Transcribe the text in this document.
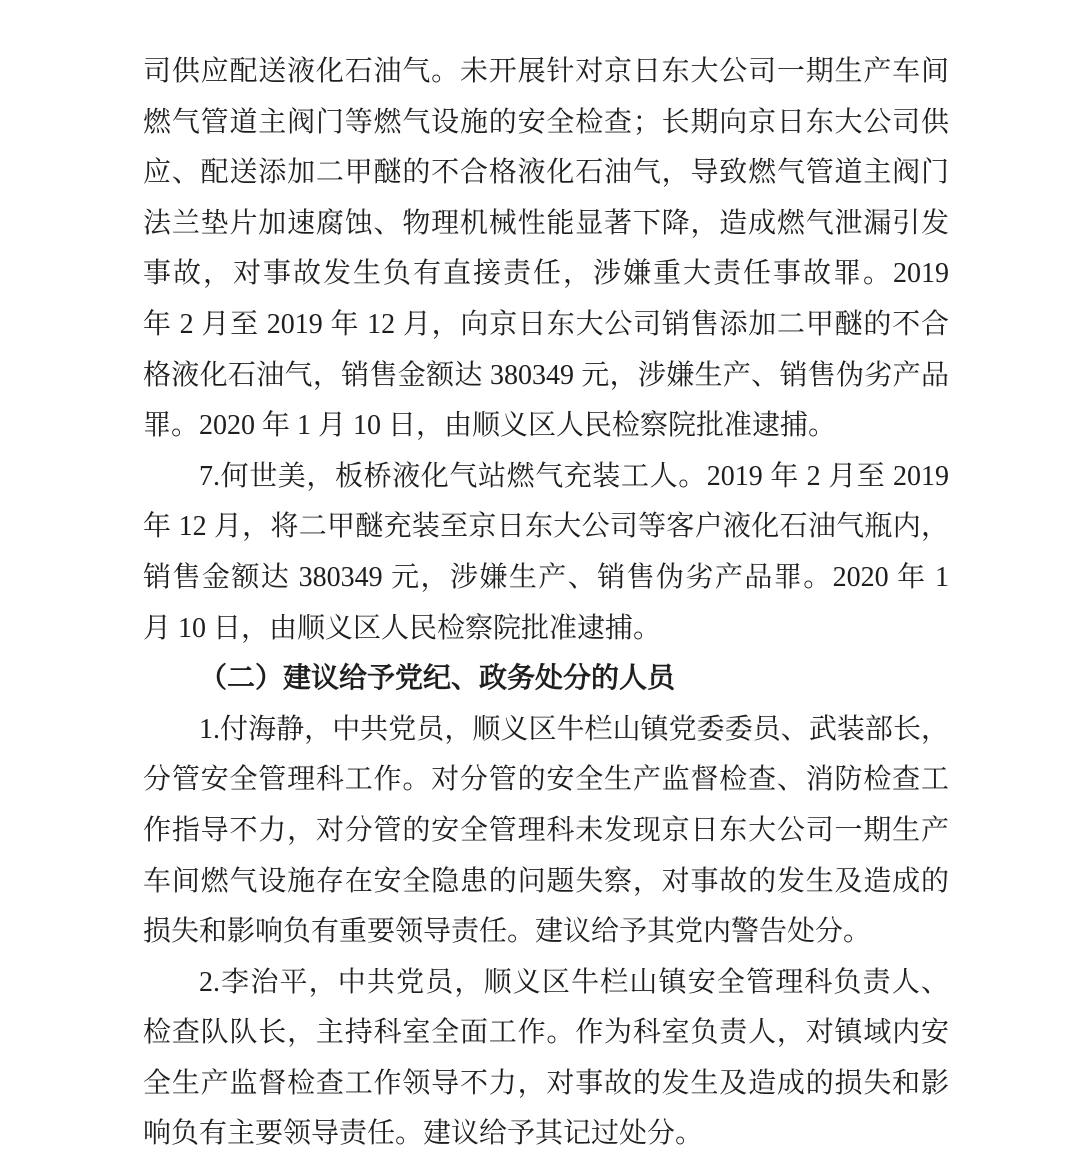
司供应配送液化石油气。未开展针对京日东大公司一期生产车间
燃气管道主阀门等燃气设施的安全检查；长期向京日东大公司供
应、配送添加二甲醚的不合格液化石油气，导致燃气管道主阀门
法兰垫片加速腐蚀、物理机械性能显著下降，造成燃气泄漏引发
事故，对事故发生负有直接责任，涉嫌重大责任事故罪。2019
年 2 月至 2019 年 12 月，向京日东大公司销售添加二甲醚的不合
格液化石油气，销售金额达 380349 元，涉嫌生产、销售伪劣产品
罪。2020 年 1 月 10 日，由顺义区人民检察院批准逮捕。
7.何世美，板桥液化气站燃气充装工人。2019 年 2 月至 2019
年 12 月，将二甲醚充装至京日东大公司等客户液化石油气瓶内，
销售金额达 380349 元，涉嫌生产、销售伪劣产品罪。2020 年 1
月 10 日，由顺义区人民检察院批准逮捕。
（二）建议给予党纪、政务处分的人员
1.付海静，中共党员，顺义区牛栏山镇党委委员、武装部长，
分管安全管理科工作。对分管的安全生产监督检查、消防检查工
作指导不力，对分管的安全管理科未发现京日东大公司一期生产
车间燃气设施存在安全隐患的问题失察，对事故的发生及造成的
损失和影响负有重要领导责任。建议给予其党内警告处分。
2.李治平，中共党员，顺义区牛栏山镇安全管理科负责人、
检查队队长，主持科室全面工作。作为科室负责人，对镇域内安
全生产监督检查工作领导不力，对事故的发生及造成的损失和影
响负有主要领导责任。建议给予其记过处分。
